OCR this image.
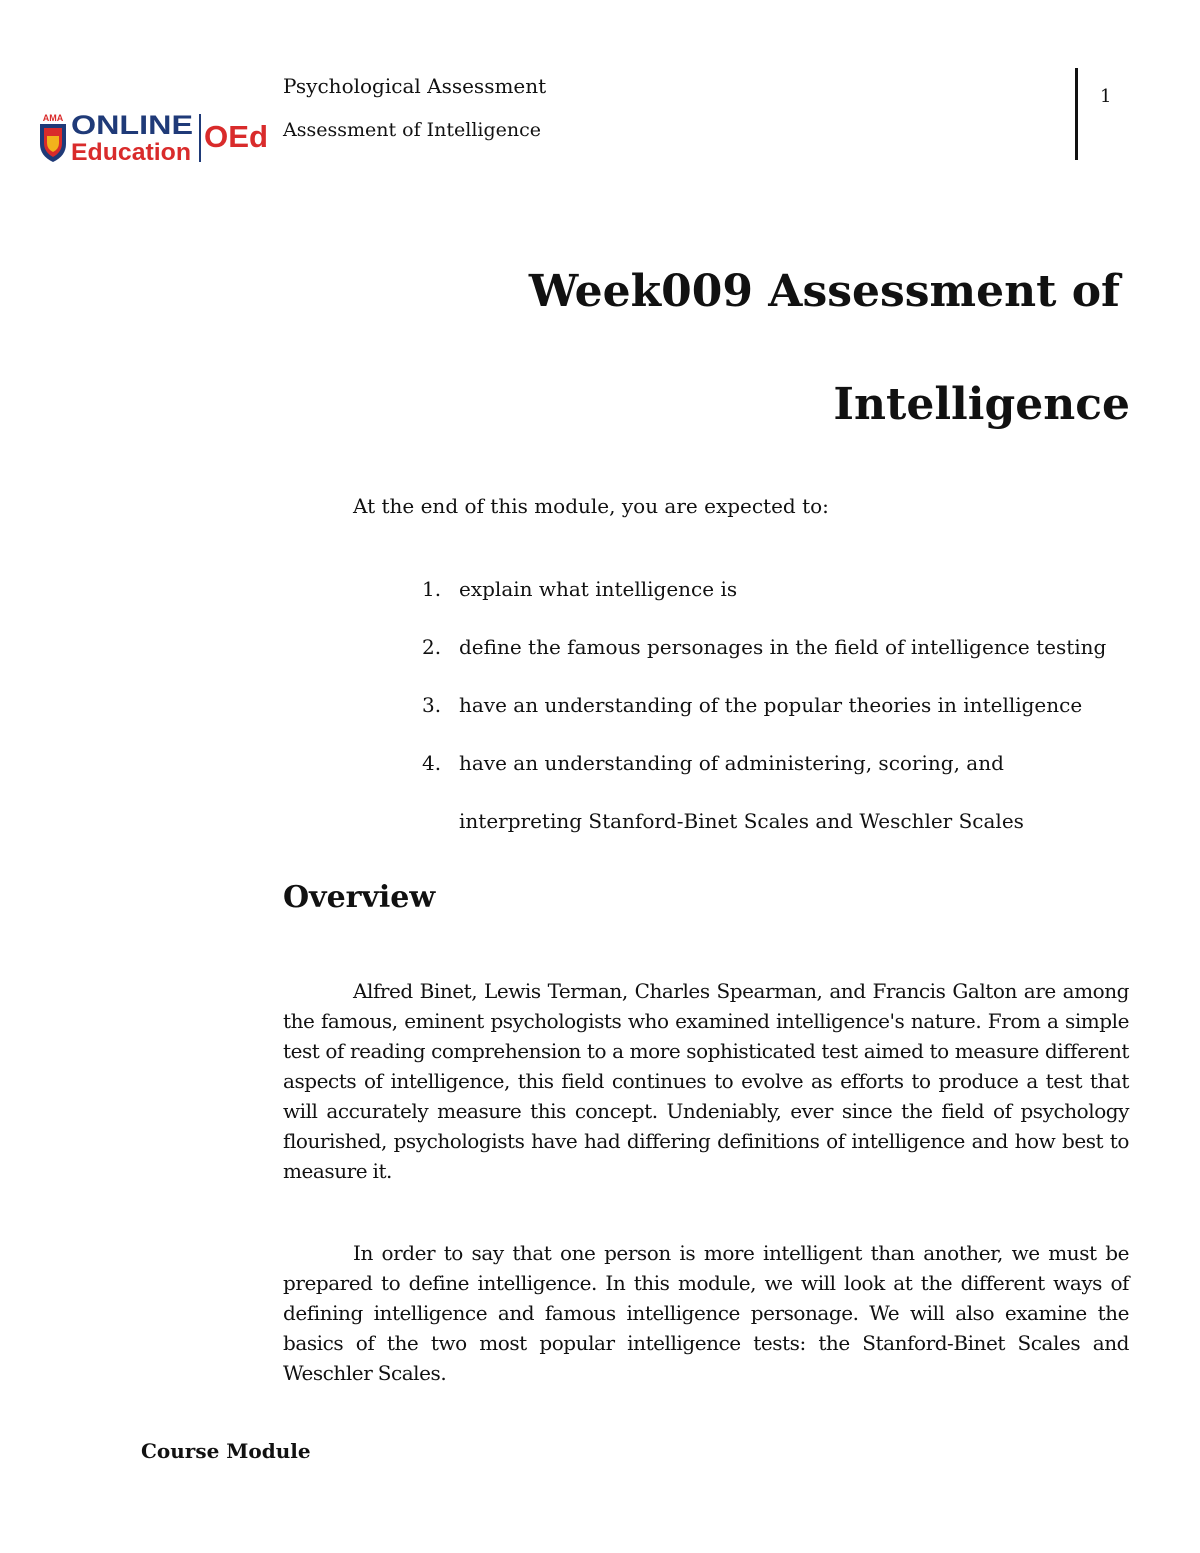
AMA ONLINE
Education OEd
Psychological Assessment
Assessment of Intelligence
1
Week009 Assessment of
Intelligence
At the end of this module, you are expected to:
1. explain what intelligence is
2. define the famous personages in the field of intelligence testing
3. have an understanding of the popular theories in intelligence
4. have an understanding of administering, scoring, and
interpreting Stanford-Binet Scales and Weschler Scales
Overview

Alfred Binet, Lewis Terman, Charles Spearman, and Francis Galton are among the famous, eminent psychologists who examined intelligence's nature. From a simple test of reading comprehension to a more sophisticated test aimed to measure different aspects of intelligence, this field continues to evolve as efforts to produce a test that will accurately measure this concept. Undeniably, ever since the field of psychology flourished, psychologists have had differing definitions of intelligence and how best to measure it.

In order to say that one person is more intelligent than another, we must be prepared to define intelligence. In this module, we will look at the different ways of defining intelligence and famous intelligence personage. We will also examine the basics of the two most popular intelligence tests: the Stanford-Binet Scales and Weschler Scales.

Course Module
